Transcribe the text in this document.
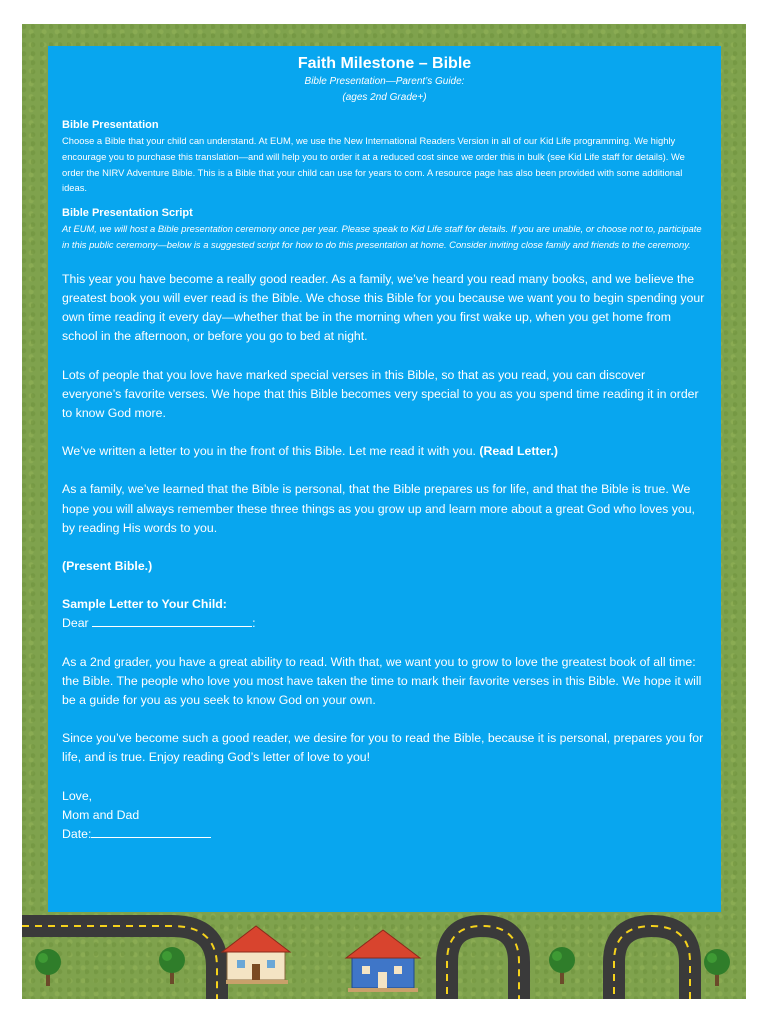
Faith Milestone – Bible

Bible Presentation—Parent’s Guide:

(ages 2nd Grade+)

Bible Presentation

Choose a Bible that your child can understand. At EUM, we use the New International Readers Version in all of our Kid Life programming. We highly encourage you to purchase this translation—and will help you to order it at a reduced cost since we order this in bulk (see Kid Life staff for details). We order the NIRV Adventure Bible. This is a Bible that your child can use for years to com. A resource page has also been provided with some additional ideas.

Bible Presentation Script

At EUM, we will host a Bible presentation ceremony once per year. Please speak to Kid Life staff for details. If you are unable, or choose not to, participate in this public ceremony—below is a suggested script for how to do this presentation at home. Consider inviting close family and friends to the ceremony.

This year you have become a really good reader. As a family, we’ve heard you read many books, and we believe the greatest book you will ever read is the Bible. We chose this Bible for you because we want you to begin spending your own time reading it every day—whether that be in the morning when you first wake up, when you get home from school in the afternoon, or before you go to bed at night.

Lots of people that you love have marked special verses in this Bible, so that as you read, you can discover everyone’s favorite verses. We hope that this Bible becomes very special to you as you spend time reading it in order to know God more.

We’ve written a letter to you in the front of this Bible. Let me read it with you. (Read Letter.)

As a family, we’ve learned that the Bible is personal, that the Bible prepares us for life, and that the Bible is true. We hope you will always remember these three things as you grow up and learn more about a great God who loves you, by reading His words to you.

(Present Bible.)

Sample Letter to Your Child:

Dear	:

As a 2nd grader, you have a great ability to read. With that, we want you to grow to love the greatest book of all time: the Bible. The people who love you most have taken the time to mark their favorite verses in this Bible. We hope it will be a guide for you as you seek to know God on your own.

Since you’ve become such a good reader, we desire for you to read the Bible, because it is personal, prepares you for life, and is true. Enjoy reading God’s letter of love to you!

Love,

Mom and Dad

Date:
